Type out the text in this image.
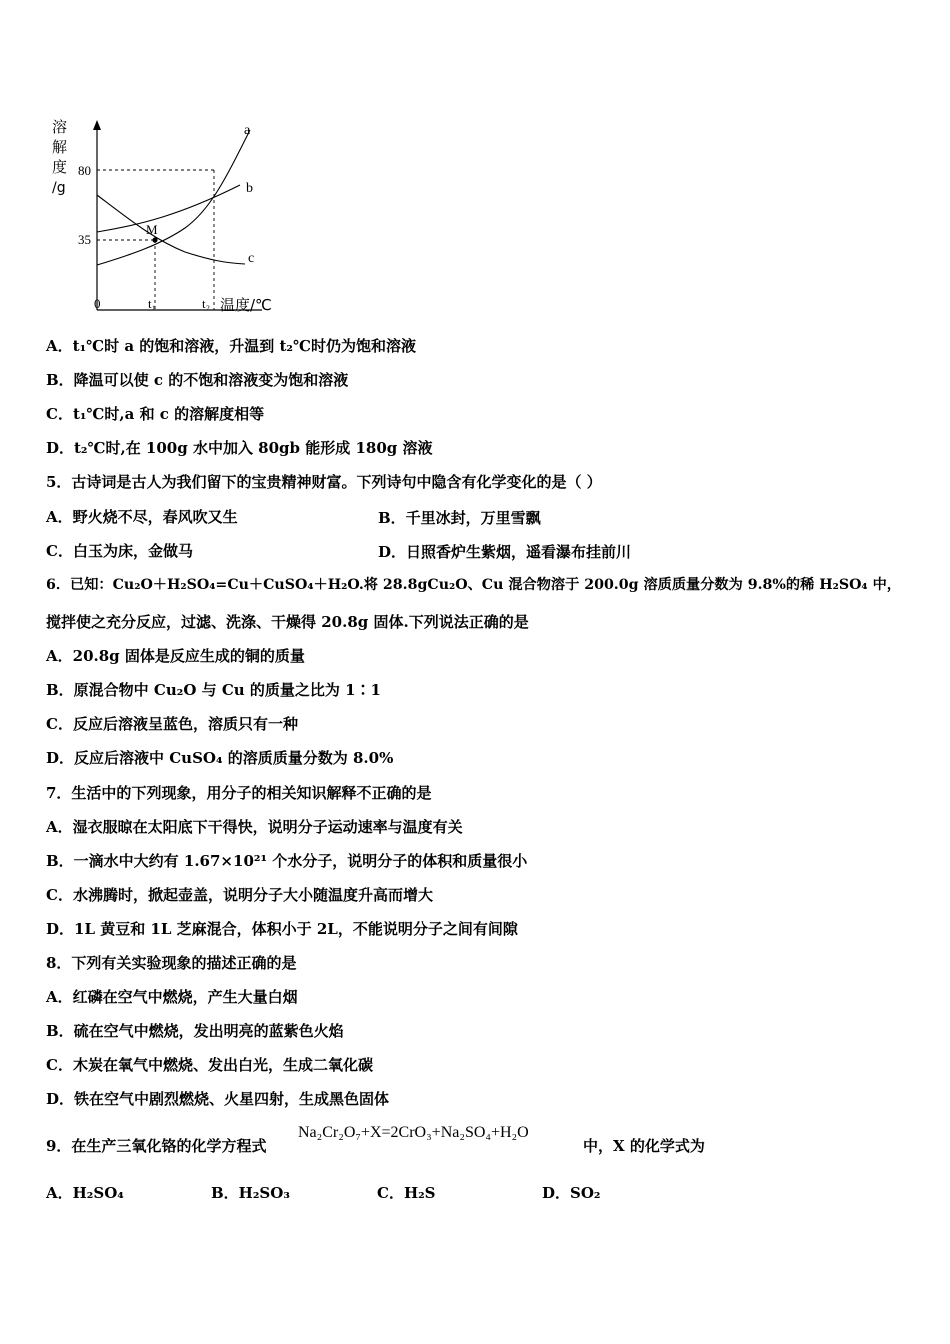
溶
解
度
/g
80
35
0	t₁	t₂ 温度/℃
M
a
b
c
A．t₁℃时 a 的饱和溶液，升温到 t₂℃时仍为饱和溶液
B．降温可以使 c 的不饱和溶液变为饱和溶液
C．t₁℃时,a 和 c 的溶解度相等
D．t₂℃时,在 100g 水中加入 80gb 能形成 180g 溶液
5．古诗词是古人为我们留下的宝贵精神财富。下列诗句中隐含有化学变化的是（ ）
A．野火烧不尽，春风吹又生	B．千里冰封，万里雪飘
C．白玉为床，金做马	D．日照香炉生紫烟，遥看瀑布挂前川
6．已知：Cu₂O＋H₂SO₄=Cu＋CuSO₄＋H₂O.将 28.8gCu₂O、Cu 混合物溶于 200.0g 溶质质量分数为 9.8%的稀 H₂SO₄ 中，
搅拌使之充分反应，过滤、洗涤、干燥得 20.8g 固体.下列说法正确的是
A．20.8g 固体是反应生成的铜的质量
B．原混合物中 Cu₂O 与 Cu 的质量之比为 1∶1
C．反应后溶液呈蓝色，溶质只有一种
D．反应后溶液中 CuSO₄ 的溶质质量分数为 8.0%
7．生活中的下列现象，用分子的相关知识解释不正确的是
A．湿衣服晾在太阳底下干得快，说明分子运动速率与温度有关
B．一滴水中大约有 1.67×10²¹ 个水分子，说明分子的体积和质量很小
C．水沸腾时，掀起壶盖，说明分子大小随温度升高而增大
D．1L 黄豆和 1L 芝麻混合，体积小于 2L，不能说明分子之间有间隙
8．下列有关实验现象的描述正确的是
A．红磷在空气中燃烧，产生大量白烟
B．硫在空气中燃烧，发出明亮的蓝紫色火焰
C．木炭在氧气中燃烧、发出白光，生成二氧化碳
D．铁在空气中剧烈燃烧、火星四射，生成黑色固体
9．在生产三氧化铬的化学方程式
Na₂Cr₂O₇+X=2CrO₃+Na₂SO₄+H₂O
中，X 的化学式为
A．H₂SO₄	B．H₂SO₃	C．H₂S	D．SO₂
